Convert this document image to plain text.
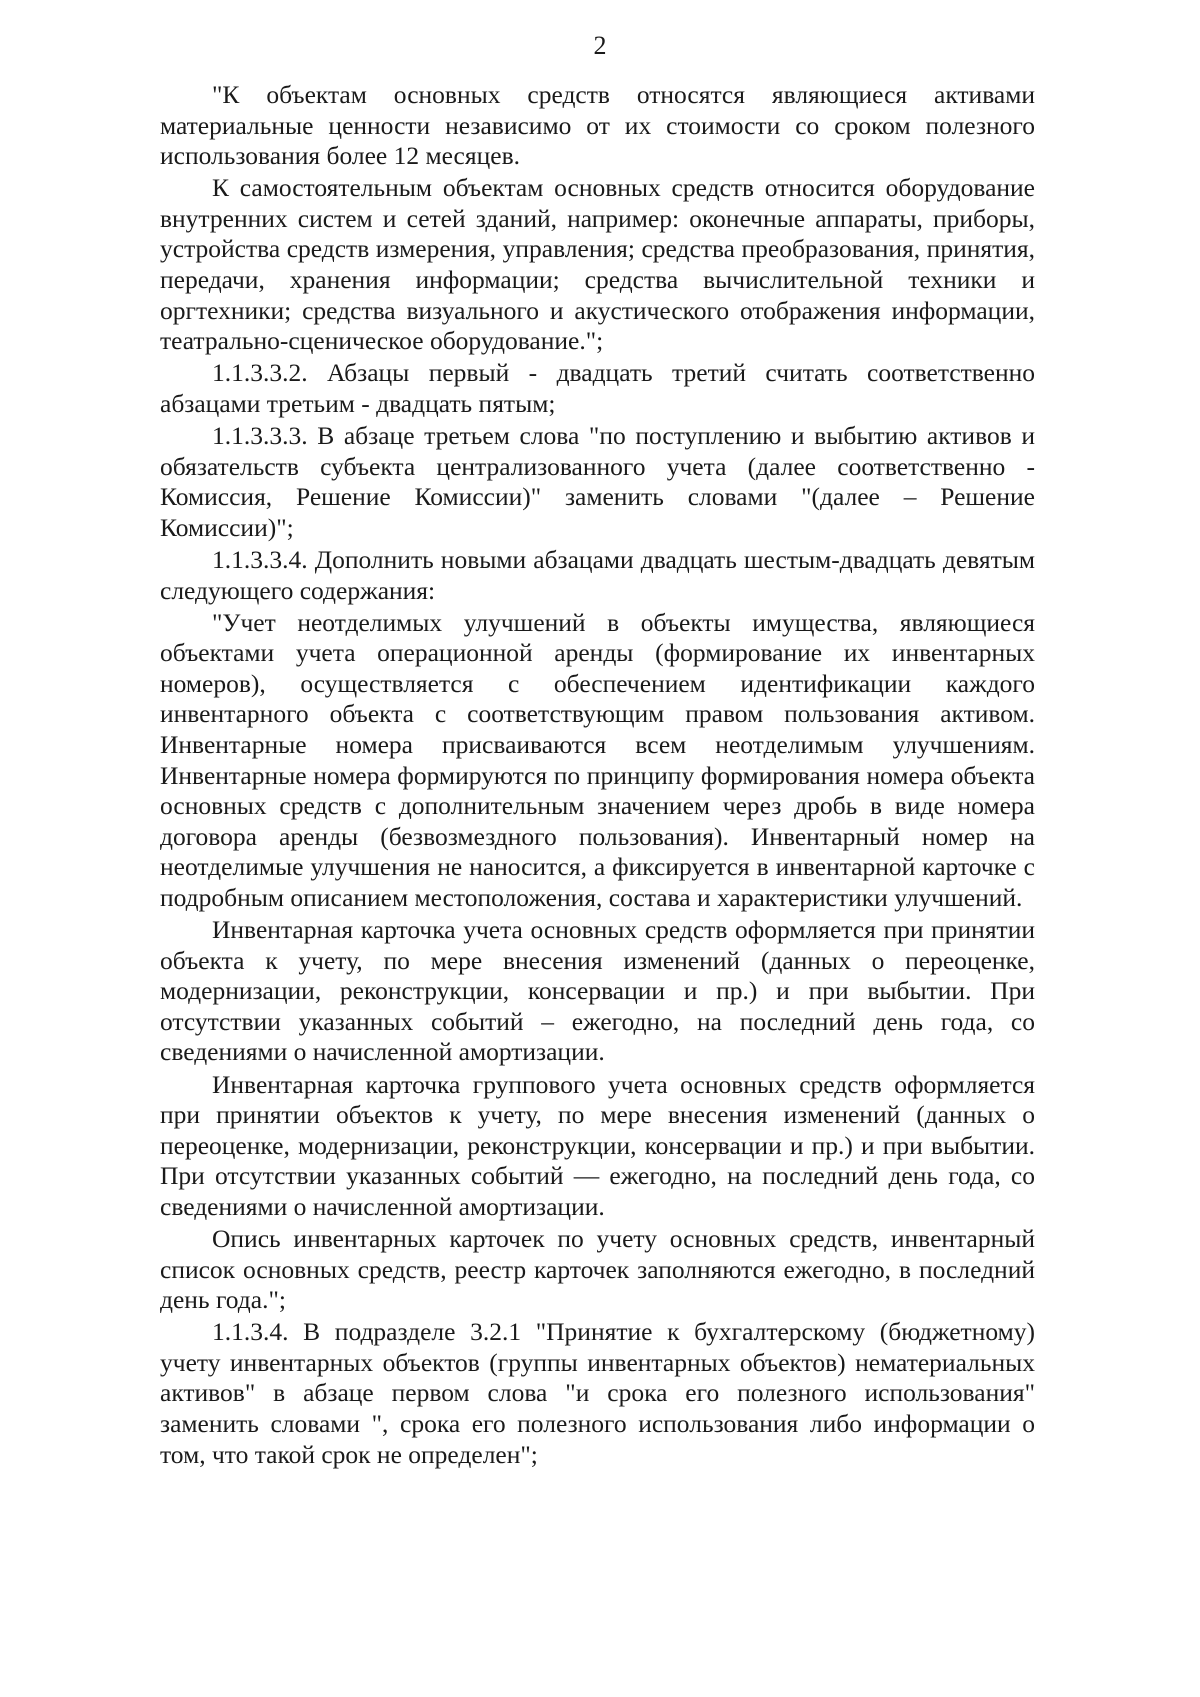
2

"К объектам основных средств относятся являющиеся активами материальные ценности независимо от их стоимости со сроком полезного использования более 12 месяцев.

К самостоятельным объектам основных средств относится оборудование внутренних систем и сетей зданий, например: оконечные аппараты, приборы, устройства средств измерения, управления; средства преобразования, принятия, передачи, хранения информации; средства вычислительной техники и оргтехники; средства визуального и акустического отображения информации, театрально-сценическое оборудование.";

1.1.3.3.2. Абзацы первый - двадцать третий считать соответственно абзацами третьим - двадцать пятым;

1.1.3.3.3. В абзаце третьем слова "по поступлению и выбытию активов и обязательств субъекта централизованного учета (далее соответственно - Комиссия, Решение Комиссии)" заменить словами "(далее – Решение Комиссии)";

1.1.3.3.4. Дополнить новыми абзацами двадцать шестым-двадцать девятым следующего содержания:

"Учет неотделимых улучшений в объекты имущества, являющиеся объектами учета операционной аренды (формирование их инвентарных номеров), осуществляется с обеспечением идентификации каждого инвентарного объекта с соответствующим правом пользования активом. Инвентарные номера присваиваются всем неотделимым улучшениям. Инвентарные номера формируются по принципу формирования номера объекта основных средств с дополнительным значением через дробь в виде номера договора аренды (безвозмездного пользования). Инвентарный номер на неотделимые улучшения не наносится, а фиксируется в инвентарной карточке с подробным описанием местоположения, состава и характеристики улучшений.

Инвентарная карточка учета основных средств оформляется при принятии объекта к учету, по мере внесения изменений (данных о переоценке, модернизации, реконструкции, консервации и пр.) и при выбытии. При отсутствии указанных событий – ежегодно, на последний день года, со сведениями о начисленной амортизации.

Инвентарная карточка группового учета основных средств оформляется при принятии объектов к учету, по мере внесения изменений (данных о переоценке, модернизации, реконструкции, консервации и пр.) и при выбытии. При отсутствии указанных событий — ежегодно, на последний день года, со сведениями о начисленной амортизации.

Опись инвентарных карточек по учету основных средств, инвентарный список основных средств, реестр карточек заполняются ежегодно, в последний день года.";

1.1.3.4. В подразделе 3.2.1 "Принятие к бухгалтерскому (бюджетному) учету инвентарных объектов (группы инвентарных объектов) нематериальных активов" в абзаце первом слова "и срока его полезного использования" заменить словами ", срока его полезного использования либо информации о том, что такой срок не определен";
